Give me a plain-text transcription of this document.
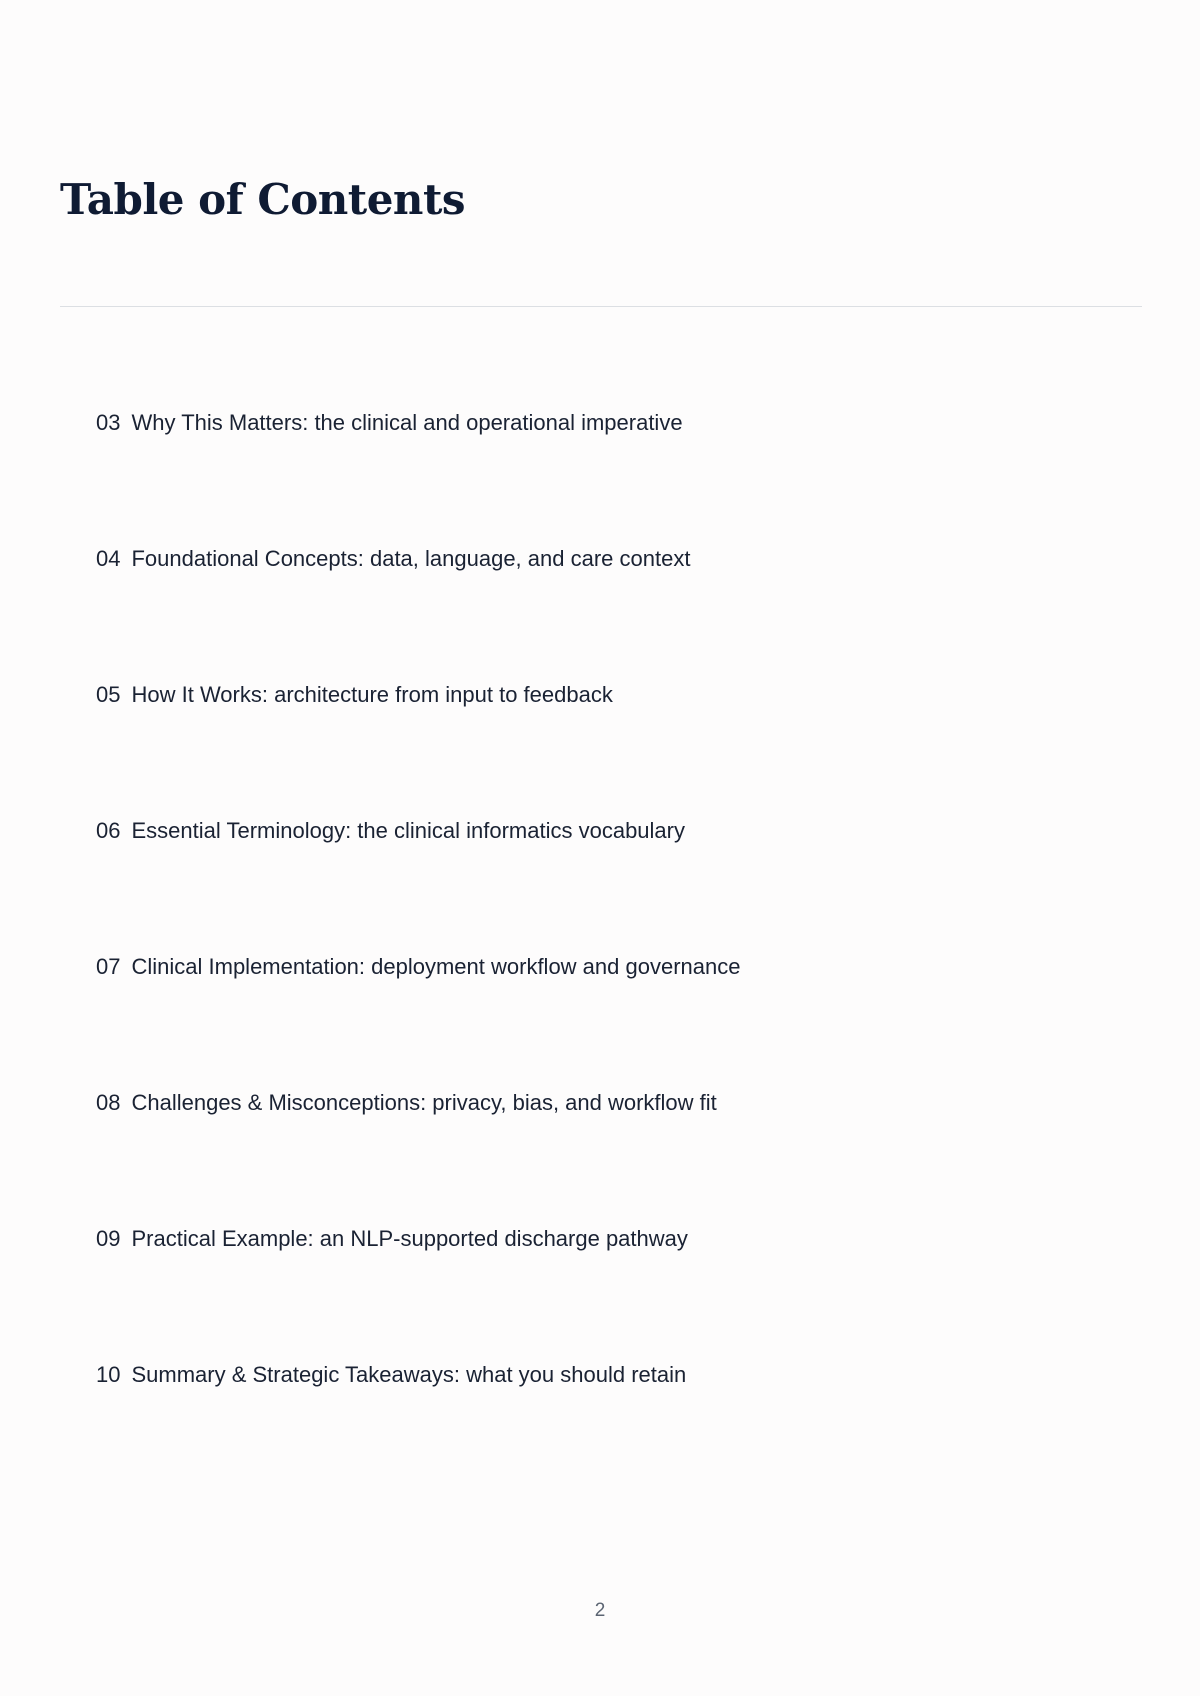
Table of Contents
03 Why This Matters: the clinical and operational imperative
04 Foundational Concepts: data, language, and care context
05 How It Works: architecture from input to feedback
06 Essential Terminology: the clinical informatics vocabulary
07 Clinical Implementation: deployment workflow and governance
08 Challenges & Misconceptions: privacy, bias, and workflow fit
09 Practical Example: an NLP-supported discharge pathway
10 Summary & Strategic Takeaways: what you should retain
2
